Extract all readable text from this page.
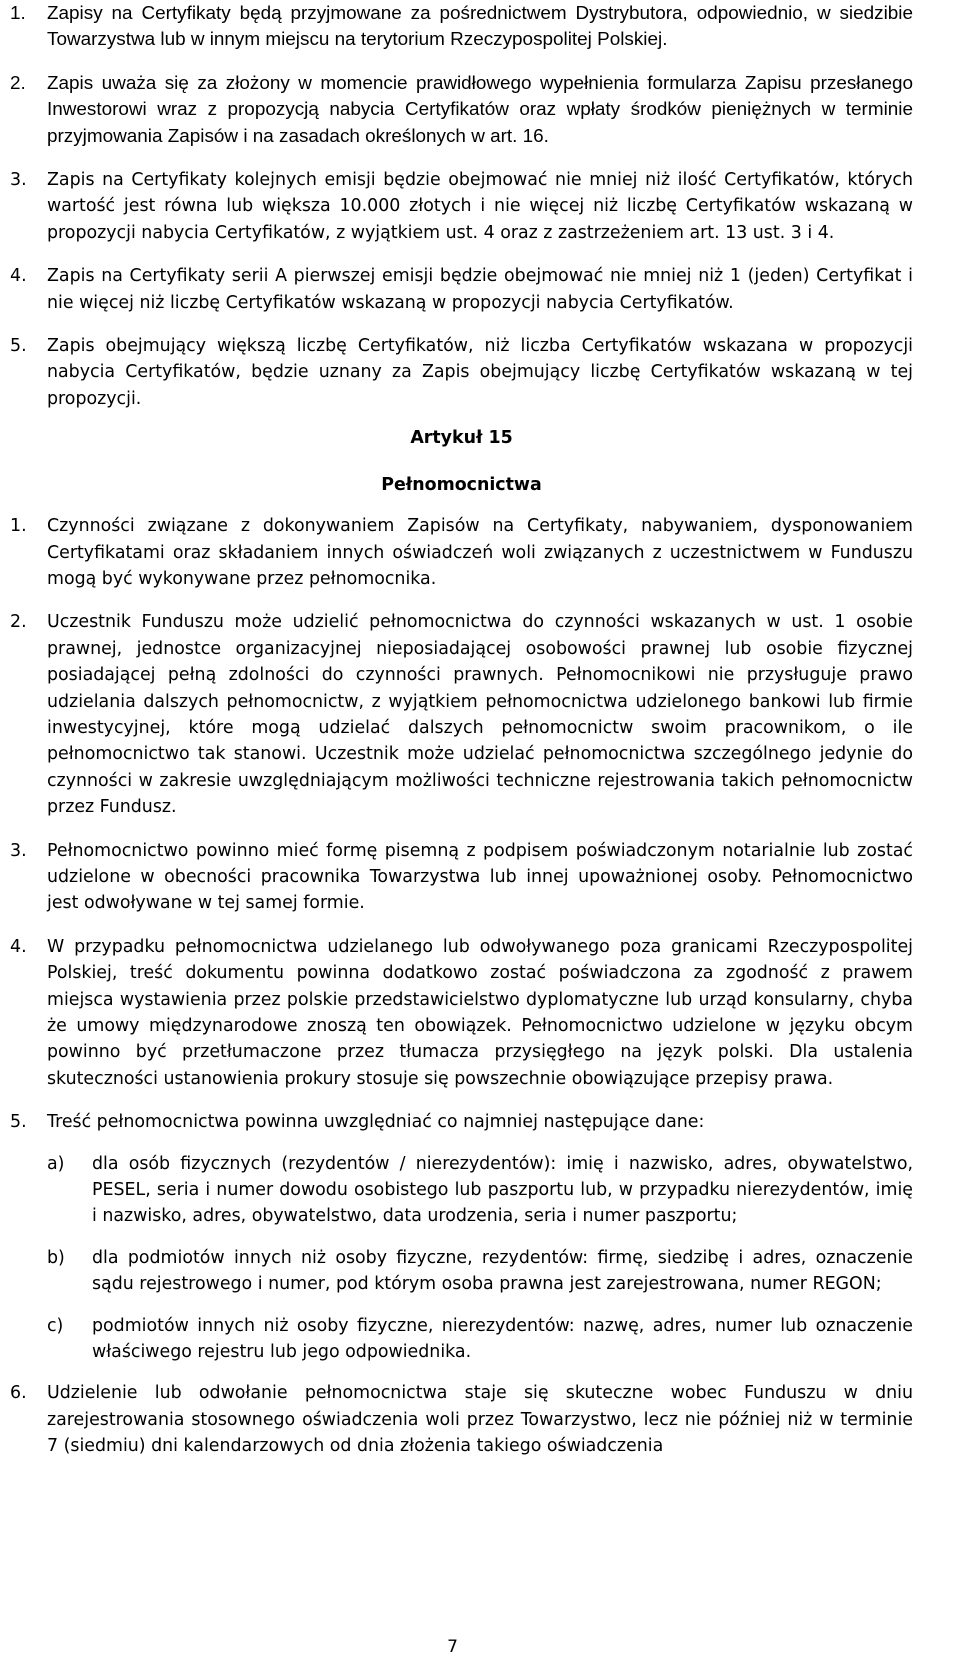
1.	Zapisy na Certyfikaty będą przyjmowane za pośrednictwem Dystrybutora, odpowiednio, w siedzibie Towarzystwa lub w innym miejscu na terytorium Rzeczypospolitej Polskiej.
2.	Zapis uważa się za złożony w momencie prawidłowego wypełnienia formularza Zapisu przesłanego Inwestorowi wraz z propozycją nabycia Certyfikatów oraz wpłaty środków pieniężnych w terminie przyjmowania Zapisów i na zasadach określonych w art. 16.
3.	Zapis na Certyfikaty kolejnych emisji będzie obejmować nie mniej niż ilość Certyfikatów, których wartość jest równa lub większa 10.000 złotych i nie więcej niż liczbę Certyfikatów wskazaną w propozycji nabycia Certyfikatów, z wyjątkiem ust. 4 oraz z zastrzeżeniem art. 13 ust. 3 i 4.
4.	Zapis na Certyfikaty serii A pierwszej emisji będzie obejmować nie mniej niż 1 (jeden) Certyfikat i nie więcej niż liczbę Certyfikatów wskazaną w propozycji nabycia Certyfikatów.
5.	Zapis obejmujący większą liczbę Certyfikatów, niż liczba Certyfikatów wskazana w propozycji nabycia Certyfikatów, będzie uznany za Zapis obejmujący liczbę Certyfikatów wskazaną w tej propozycji.

Artykuł 15

Pełnomocnictwa

1.	Czynności związane z dokonywaniem Zapisów na Certyfikaty, nabywaniem, dysponowaniem Certyfikatami oraz składaniem innych oświadczeń woli związanych z uczestnictwem w Funduszu mogą być wykonywane przez pełnomocnika.
2.	Uczestnik Funduszu może udzielić pełnomocnictwa do czynności wskazanych w ust. 1 osobie prawnej, jednostce organizacyjnej nieposiadającej osobowości prawnej lub osobie fizycznej posiadającej pełną zdolności do czynności prawnych. Pełnomocnikowi nie przysługuje prawo udzielania dalszych pełnomocnictw, z wyjątkiem pełnomocnictwa udzielonego bankowi lub firmie inwestycyjnej, które mogą udzielać dalszych pełnomocnictw swoim pracownikom, o ile pełnomocnictwo tak stanowi. Uczestnik może udzielać pełnomocnictwa szczególnego jedynie do czynności w zakresie uwzględniającym możliwości techniczne rejestrowania takich pełnomocnictw przez Fundusz.
3.	Pełnomocnictwo powinno mieć formę pisemną z podpisem poświadczonym notarialnie lub zostać udzielone w obecności pracownika Towarzystwa lub innej upoważnionej osoby. Pełnomocnictwo jest odwoływane w tej samej formie.
4.	W przypadku pełnomocnictwa udzielanego lub odwoływanego poza granicami Rzeczypospolitej Polskiej, treść dokumentu powinna dodatkowo zostać poświadczona za zgodność z prawem miejsca wystawienia przez polskie przedstawicielstwo dyplomatyczne lub urząd konsularny, chyba że umowy międzynarodowe znoszą ten obowiązek. Pełnomocnictwo udzielone w języku obcym powinno być przetłumaczone przez tłumacza przysięgłego na język polski. Dla ustalenia skuteczności ustanowienia prokury stosuje się powszechnie obowiązujące przepisy prawa.
5.	Treść pełnomocnictwa powinna uwzględniać co najmniej następujące dane:
a)	dla osób fizycznych (rezydentów / nierezydentów): imię i nazwisko, adres, obywatelstwo, PESEL, seria i numer dowodu osobistego lub paszportu lub, w przypadku nierezydentów, imię i nazwisko, adres, obywatelstwo, data urodzenia, seria i numer paszportu;
b)	dla podmiotów innych niż osoby fizyczne, rezydentów: firmę, siedzibę i adres, oznaczenie sądu rejestrowego i numer, pod którym osoba prawna jest zarejestrowana, numer REGON;
c)	podmiotów innych niż osoby fizyczne, nierezydentów: nazwę, adres, numer lub oznaczenie właściwego rejestru lub jego odpowiednika.
6.	Udzielenie lub odwołanie pełnomocnictwa staje się skuteczne wobec Funduszu w dniu zarejestrowania stosownego oświadczenia woli przez Towarzystwo, lecz nie później niż w terminie 7 (siedmiu) dni kalendarzowych od dnia złożenia takiego oświadczenia
7
